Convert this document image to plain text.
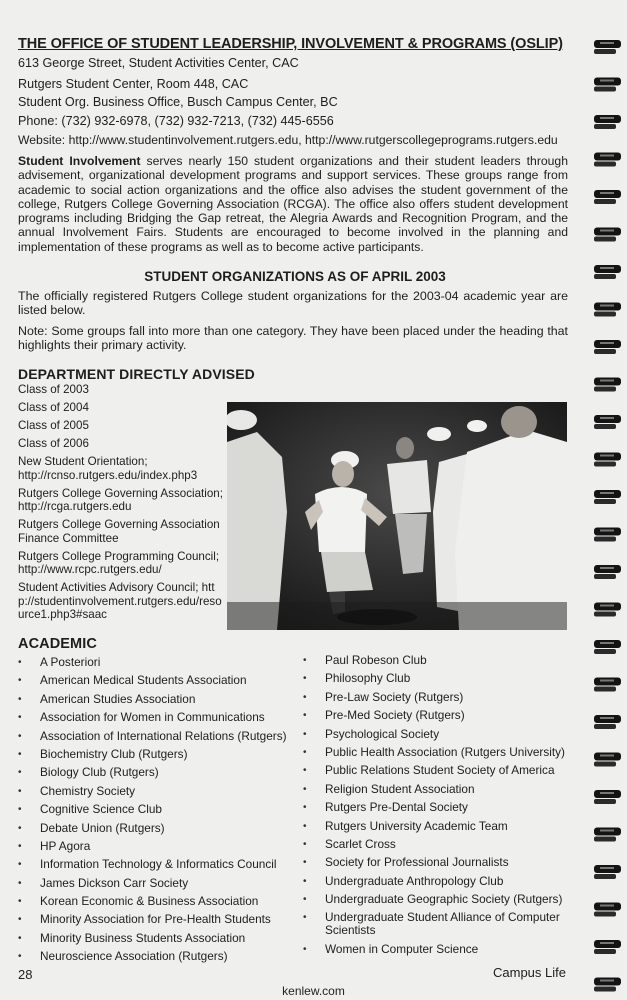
THE OFFICE OF STUDENT LEADERSHIP, INVOLVEMENT & PROGRAMS (OSLIP)
613 George Street, Student Activities Center, CAC
Rutgers Student Center, Room 448, CAC
Student Org. Business Office, Busch Campus Center, BC
Phone: (732) 932-6978, (732) 932-7213, (732) 445-6556
Website: http://www.studentinvolvement.rutgers.edu, http://www.rutgerscollegeprograms.rutgers.edu

Student Involvement serves nearly 150 student organizations and their student leaders through advisement, organizational development programs and support services. These groups range from academic to social action organizations and the office also advises the student government of the college, Rutgers College Governing Association (RCGA). The office also offers student development programs including Bridging the Gap retreat, the Alegria Awards and Recognition Program, and the annual Involvement Fairs. Students are encouraged to become involved in the planning and implementation of these programs as well as to become active participants.

STUDENT ORGANIZATIONS AS OF APRIL 2003

The officially registered Rutgers College student organizations for the 2003-04 academic year are listed below.

Note: Some groups fall into more than one category. They have been placed under the heading that highlights their primary activity.

DEPARTMENT DIRECTLY ADVISED
Class of 2003
Class of 2004
Class of 2005
Class of 2006
New Student Orientation; http://rcnso.rutgers.edu/index.php3
Rutgers College Governing Association; http://rcga.rutgers.edu
Rutgers College Governing Association Finance Committee
Rutgers College Programming Council; http://www.rcpc.rutgers.edu/
Student Activities Advisory Council; http://studentinvolvement.rutgers.edu/resource1.php3#saac
ACADEMIC
• A Posteriori
• American Medical Students Association
• American Studies Association
• Association for Women in Communications
• Association of International Relations (Rutgers)
• Biochemistry Club (Rutgers)
• Biology Club (Rutgers)
• Chemistry Society
• Cognitive Science Club
• Debate Union (Rutgers)
• HP Agora
• Information Technology & Informatics Council
• James Dickson Carr Society
• Korean Economic & Business Association
• Minority Association for Pre-Health Students
• Minority Business Students Association
• Neuroscience Association (Rutgers)
• Paul Robeson Club
• Philosophy Club
• Pre-Law Society (Rutgers)
• Pre-Med Society (Rutgers)
• Psychological Society
• Public Health Association (Rutgers University)
• Public Relations Student Society of America
• Religion Student Association
• Rutgers Pre-Dental Society
• Rutgers University Academic Team
• Scarlet Cross
• Society for Professional Journalists
• Undergraduate Anthropology Club
• Undergraduate Geographic Society (Rutgers)
• Undergraduate Student Alliance of Computer Scientists
• Women in Computer Science
28	Campus Life
kenlew.com
